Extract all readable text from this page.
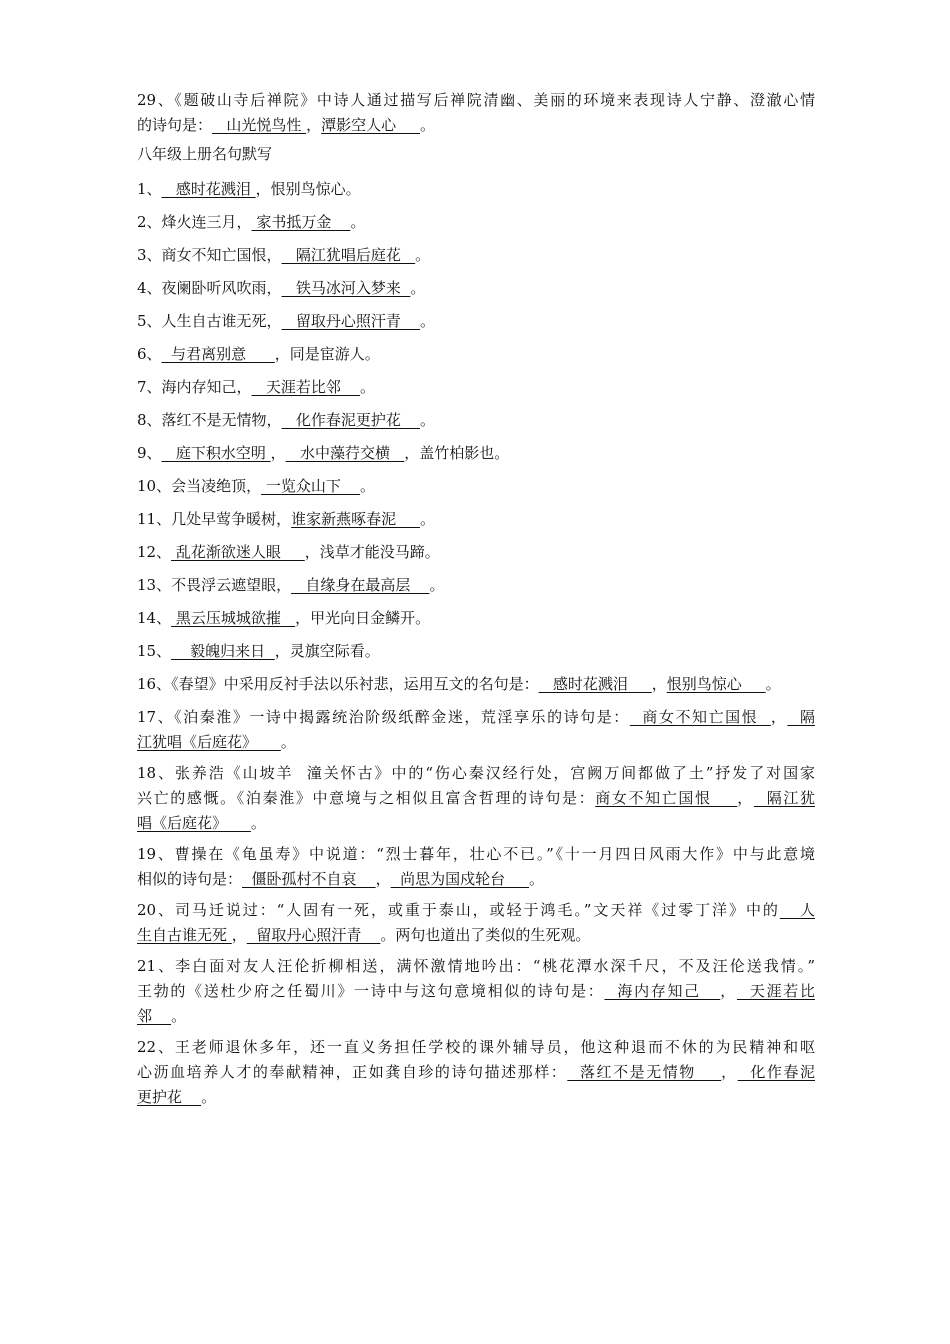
29、《题破山寺后禅院》中诗人通过描写后禅院清幽、美丽的环境来表现诗人宁静、澄澈心情
的诗句是：   山光悦鸟性 ，潭影空人心     。
八年级上册名句默写
1、   感时花溅泪 ，恨别鸟惊心。
2、烽火连三月， 家书抵万金    。
3、商女不知亡国恨，   隔江犹唱后庭花   。
4、夜阑卧听风吹雨，   铁马冰河入梦来  。
5、人生自古谁无死，   留取丹心照汗青    。
6、  与君离别意      ，同是宦游人。
7、海内存知己，   天涯若比邻    。
8、落红不是无情物，   化作春泥更护花    。
9、   庭下积水空明 ，   水中藻荇交横   ，盖竹柏影也。
10、会当凌绝顶， 一览众山下    。
11、几处早莺争暖树，谁家新燕啄春泥     。
12、 乱花渐欲迷人眼     ，浅草才能没马蹄。
13、不畏浮云遮望眼，   自缘身在最高层    。
14、 黑云压城城欲摧   ，甲光向日金鳞开。
15、    毅魄归来日  ，灵旗空际看。
16、《春望》中采用反衬手法以乐衬悲，运用互文的名句是：   感时花溅泪     ，恨别鸟惊心     。
17、《泊秦淮》一诗中揭露统治阶级纸醉金迷，荒淫享乐的诗句是：  商女不知亡国恨  ，  隔
江犹唱《后庭花》     。
18、张养浩《山坡羊  潼关怀古》中的“伤心秦汉经行处，宫阙万间都做了土”抒发了对国家
兴亡的感慨。《泊秦淮》中意境与之相似且富含哲理的诗句是：商女不知亡国恨    ，  隔江犹
唱《后庭花》     。
19、曹操在《龟虽寿》中说道：“烈士暮年，壮心不已。”《十一月四日风雨大作》中与此意境
相似的诗句是：  僵卧孤村不自哀    ，  尚思为国戍轮台     。
20、司马迁说过：“人固有一死，或重于泰山，或轻于鸿毛。”文天祥《过零丁洋》中的   人
生自古谁无死 ，  留取丹心照汗青    。两句也道出了类似的生死观。
21、李白面对友人汪伦折柳相送，满怀激情地吟出：“桃花潭水深千尺，不及汪伦送我情。”
王勃的《送杜少府之任蜀川》一诗中与这句意境相似的诗句是：  海内存知己   ，  天涯若比
邻    。
22、王老师退休多年，还一直义务担任学校的课外辅导员，他这种退而不休的为民精神和呕
心沥血培养人才的奉献精神，正如龚自珍的诗句描述那样：  落红不是无情物    ，  化作春泥
更护花    。
